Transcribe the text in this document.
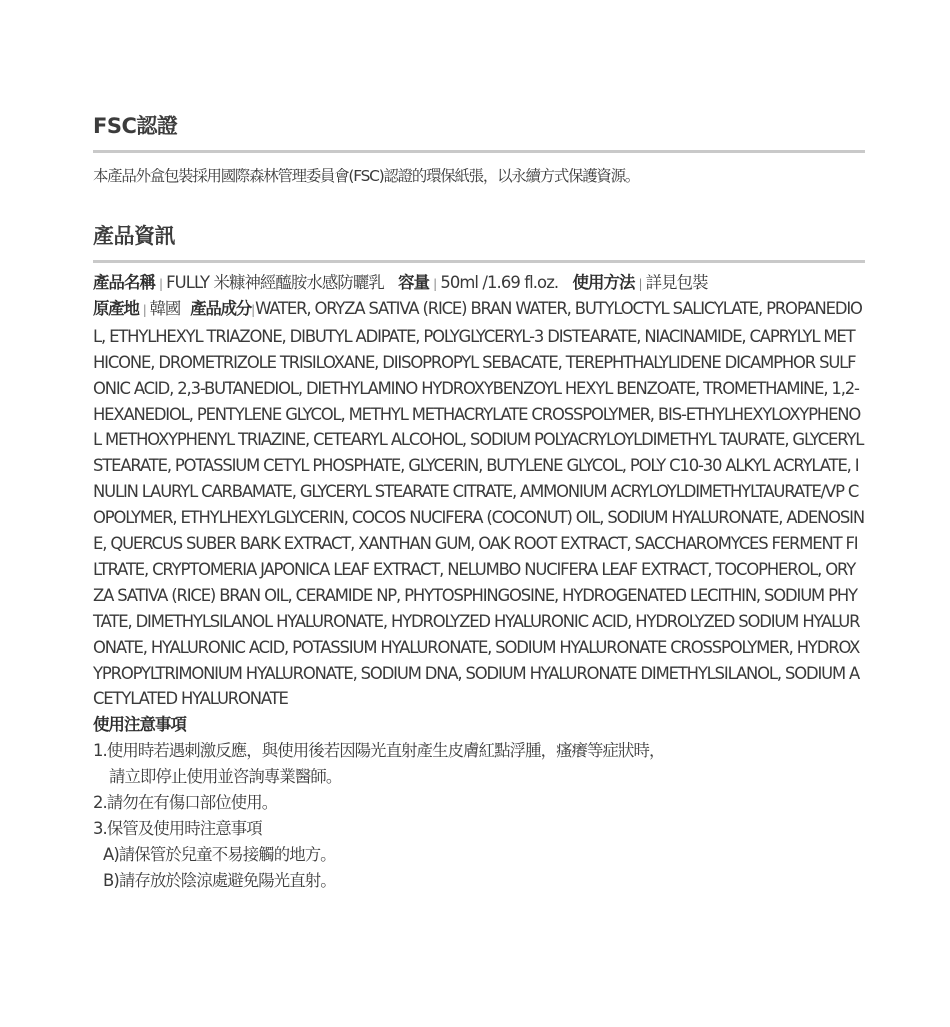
FSC認證
本產品外盒包裝採用國際森林管理委員會(FSC)認證的環保紙張，以永續方式保護資源。
產品資訊
產品名稱 | FULLY 米糠神經醯胺水感防曬乳 容量 | 50ml /1.69 fl.oz. 使用方法 | 詳見包裝
原產地 | 韓國 產品成分|WATER, ORYZA SATIVA (RICE) BRAN WATER, BUTYLOCTYL SALICYLATE, PROPANEDIOL, ETHYLHEXYL TRIAZONE, DIBUTYL ADIPATE, POLYGLYCERYL-3 DISTEARATE, NIACINAMIDE, CAPRYLYL METHICONE, DROMETRIZOLE TRISILOXANE, DIISOPROPYL SEBACATE, TEREPHTHALYLIDENE DICAMPHOR SULFONIC ACID, 2,3-BUTANEDIOL, DIETHYLAMINO HYDROXYBENZOYL HEXYL BENZOATE, TROMETHAMINE, 1,2-HEXANEDIOL, PENTYLENE GLYCOL, METHYL METHACRYLATE CROSSPOLYMER, BIS-ETHYLHEXYLOXYPHENOL METHOXYPHENYL TRIAZINE, CETEARYL ALCOHOL, SODIUM POLYACRYLOYLDIMETHYL TAURATE, GLYCERYL STEARATE, POTASSIUM CETYL PHOSPHATE, GLYCERIN, BUTYLENE GLYCOL, POLY C10-30 ALKYL ACRYLATE, INULIN LAURYL CARBAMATE, GLYCERYL STEARATE CITRATE, AMMONIUM ACRYLOYLDIMETHYLTAURATE/VP COPOLYMER, ETHYLHEXYLGLYCERIN, COCOS NUCIFERA (COCONUT) OIL, SODIUM HYALURONATE, ADENOSINE, QUERCUS SUBER BARK EXTRACT, XANTHAN GUM, OAK ROOT EXTRACT, SACCHAROMYCES FERMENT FILTRATE, CRYPTOMERIA JAPONICA LEAF EXTRACT, NELUMBO NUCIFERA LEAF EXTRACT, TOCOPHEROL, ORYZA SATIVA (RICE) BRAN OIL, CERAMIDE NP, PHYTOSPHINGOSINE, HYDROGENATED LECITHIN, SODIUM PHYTATE, DIMETHYLSILANOL HYALURONATE, HYDROLYZED HYALURONIC ACID, HYDROLYZED SODIUM HYALURONATE, HYALURONIC ACID, POTASSIUM HYALURONATE, SODIUM HYALURONATE CROSSPOLYMER, HYDROXYPROPYLTRIMONIUM HYALURONATE, SODIUM DNA, SODIUM HYALURONATE DIMETHYLSILANOL, SODIUM ACETYLATED HYALURONATE
使用注意事項
1.使用時若遇刺激反應，與使用後若因陽光直射產生皮膚紅點浮腫，瘙癢等症狀時，
請立即停止使用並咨詢專業醫師。
2.請勿在有傷口部位使用。
3.保管及使用時注意事項
A)請保管於兒童不易接觸的地方。
B)請存放於陰涼處避免陽光直射。
